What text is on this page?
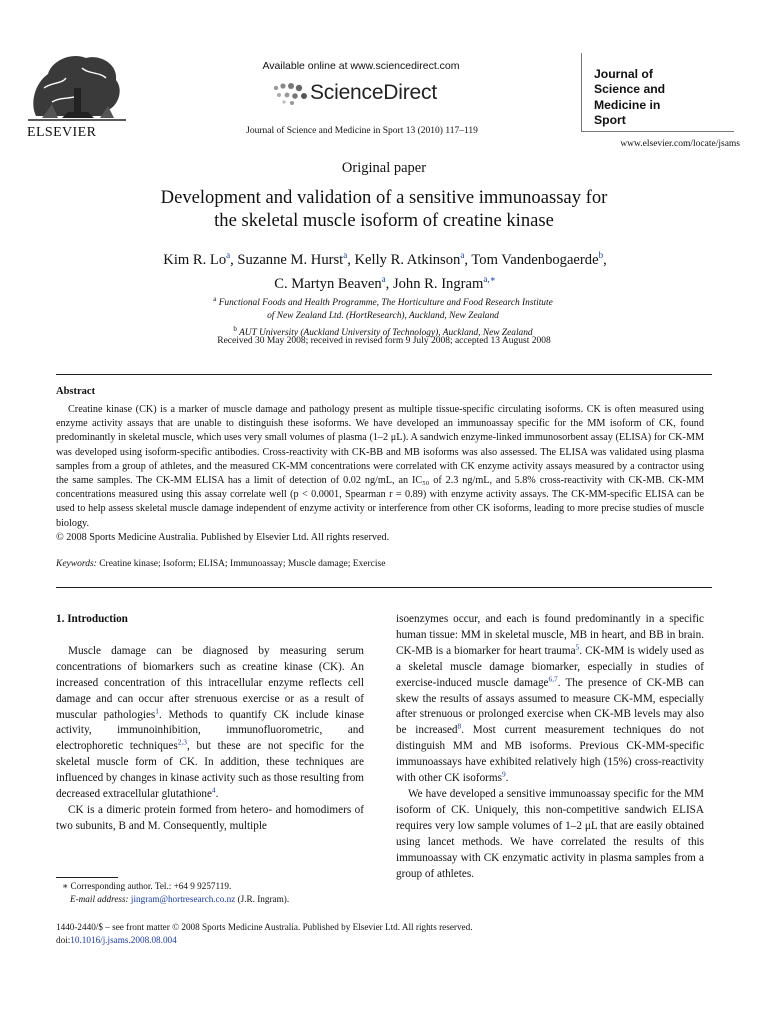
ELSEVIER
Available online at www.sciencedirect.com
ScienceDirect
Journal of Science and Medicine in Sport 13 (2010) 117–119
Journal of
Science and
Medicine in
Sport
www.elsevier.com/locate/jsams
Original paper
Development and validation of a sensitive immunoassay for
the skeletal muscle isoform of creatine kinase
Kim R. Lo$^a$, Suzanne M. Hurst$^a$, Kelly R. Atkinson$^a$, Tom Vandenbogaerde$^b$,
C. Martyn Beaven$^a$, John R. Ingram$^{a,∗}$
$^a$ Functional Foods and Health Programme, The Horticulture and Food Research Institute
of New Zealand Ltd. (HortResearch), Auckland, New Zealand
$^b$ AUT University (Auckland University of Technology), Auckland, New Zealand
Received 30 May 2008; received in revised form 9 July 2008; accepted 13 August 2008
Abstract

Creatine kinase (CK) is a marker of muscle damage and pathology present as multiple tissue-specific circulating isoforms. CK is often measured using enzyme activity assays that are unable to distinguish these isoforms. We have developed an immunoassay specific for the MM isoform of CK, found predominantly in skeletal muscle, which uses very small volumes of plasma (1–2 μL). A sandwich enzyme-linked immunosorbent assay (ELISA) for CK-MM was developed using isoform-specific antibodies. Cross-reactivity with CK-BB and MB isoforms was also assessed. The ELISA was validated using plasma samples from a group of athletes, and the measured CK-MM concentrations were correlated with CK enzyme activity assays measured by a contractor using the same samples. The CK-MM ELISA has a limit of detection of 0.02 ng/mL, an IC₅₀ of 2.3 ng/mL, and 5.8% cross-reactivity with CK-MB. CK-MM concentrations measured using this assay correlate well (p < 0.0001, Spearman r = 0.89) with enzyme activity assays. The CK-MM-specific ELISA can be used to help assess skeletal muscle damage independent of enzyme activity or interference from other CK isoforms, leading to more precise studies of muscle biology.

© 2008 Sports Medicine Australia. Published by Elsevier Ltd. All rights reserved.

Keywords: Creatine kinase; Isoform; ELISA; Immunoassay; Muscle damage; Exercise

1. Introduction

Muscle damage can be diagnosed by measuring serum concentrations of biomarkers such as creatine kinase (CK). An increased concentration of this intracellular enzyme reflects cell damage and can occur after strenuous exercise or as a result of muscular pathologies$^1$. Methods to quantify CK include kinase activity, immunoinhibition, immunofluorometric, and electrophoretic techniques$^{2,3}$, but these are not specific for the skeletal muscle form of CK. In addition, these techniques are influenced by changes in kinase activity such as those resulting from decreased extracellular glutathione$^4$.

CK is a dimeric protein formed from hetero- and homodimers of two subunits, B and M. Consequently, multiple

isoenzymes occur, and each is found predominantly in a specific human tissue: MM in skeletal muscle, MB in heart, and BB in brain. CK-MB is a biomarker for heart trauma$^5$. CK-MM is widely used as a skeletal muscle damage biomarker, especially in studies of exercise-induced muscle damage$^{6,7}$. The presence of CK-MB can skew the results of assays assumed to measure CK-MM, especially after strenuous or prolonged exercise when CK-MB levels may also be increased$^8$. Most current measurement techniques do not distinguish MM and MB isoforms. Previous CK-MM-specific immunoassays have exhibited relatively high (15%) cross-reactivity with other CK isoforms$^9$.

We have developed a sensitive immunoassay specific for the MM isoform of CK. Uniquely, this non-competitive sandwich ELISA requires very low sample volumes of 1–2 μL that are easily obtained using lancet methods. We have correlated the results of this immunoassay with CK enzymatic activity in plasma samples from a group of athletes.

∗ Corresponding author. Tel.: +64 9 9257119.
E-mail address: jingram@hortresearch.co.nz (J.R. Ingram).
1440-2440/$ – see front matter © 2008 Sports Medicine Australia. Published by Elsevier Ltd. All rights reserved.
doi:10.1016/j.jsams.2008.08.004
